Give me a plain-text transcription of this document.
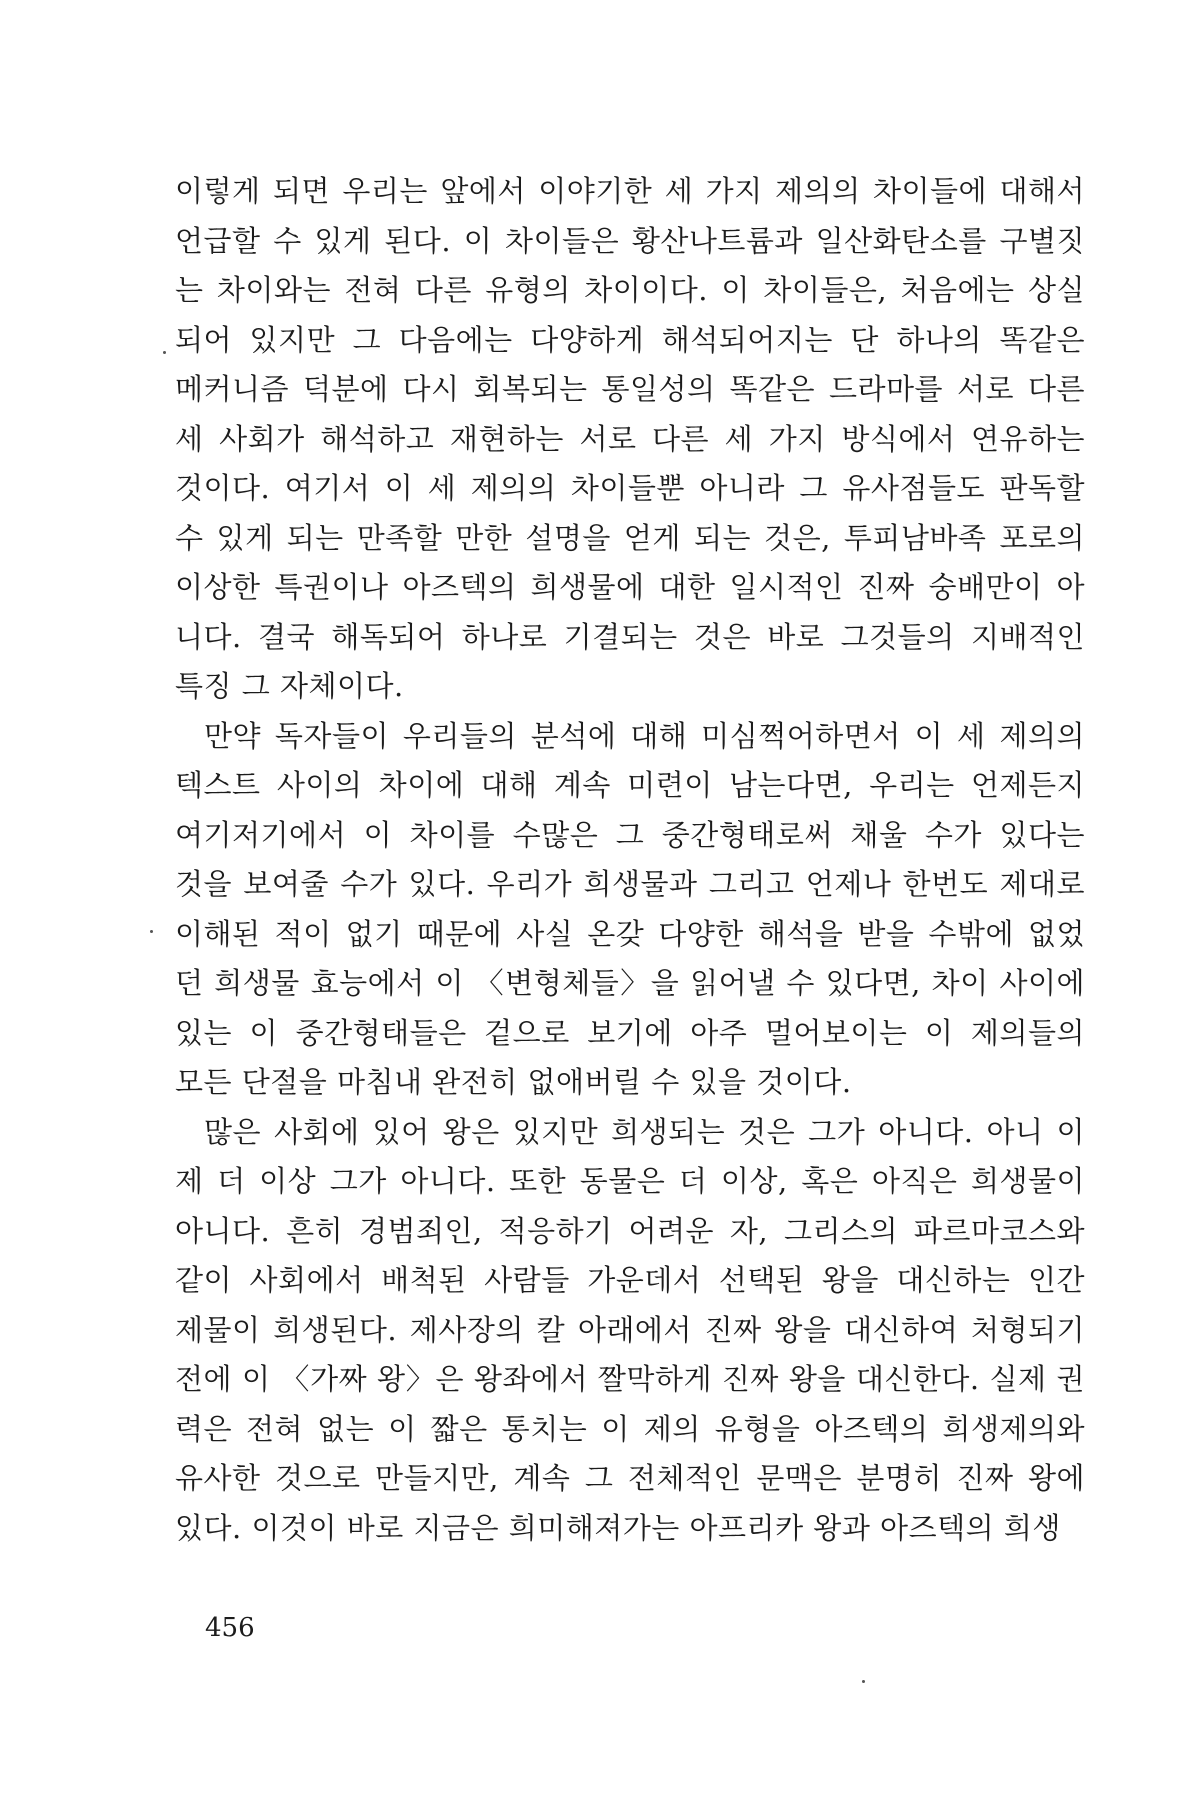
이렇게 되면 우리는 앞에서 이야기한 세 가지 제의의 차이들에 대해서
언급할 수 있게 된다. 이 차이들은 황산나트륨과 일산화탄소를 구별짓
는 차이와는 전혀 다른 유형의 차이이다. 이 차이들은, 처음에는 상실
되어 있지만 그 다음에는 다양하게 해석되어지는 단 하나의 똑같은
메커니즘 덕분에 다시 회복되는 통일성의 똑같은 드라마를 서로 다른
세 사회가 해석하고 재현하는 서로 다른 세 가지 방식에서 연유하는
것이다. 여기서 이 세 제의의 차이들뿐 아니라 그 유사점들도 판독할
수 있게 되는 만족할 만한 설명을 얻게 되는 것은, 투피남바족 포로의
이상한 특권이나 아즈텍의 희생물에 대한 일시적인 진짜 숭배만이 아
니다. 결국 해독되어 하나로 기결되는 것은 바로 그것들의 지배적인
특징 그 자체이다.

만약 독자들이 우리들의 분석에 대해 미심쩍어하면서 이 세 제의의
텍스트 사이의 차이에 대해 계속 미련이 남는다면, 우리는 언제든지
여기저기에서 이 차이를 수많은 그 중간형태로써 채울 수가 있다는
것을 보여줄 수가 있다. 우리가 희생물과 그리고 언제나 한번도 제대로
이해된 적이 없기 때문에 사실 온갖 다양한 해석을 받을 수밖에 없었
던 희생물 효능에서 이 〈변형체들〉을 읽어낼 수 있다면, 차이 사이에
있는 이 중간형태들은 겉으로 보기에 아주 멀어보이는 이 제의들의
모든 단절을 마침내 완전히 없애버릴 수 있을 것이다.

많은 사회에 있어 왕은 있지만 희생되는 것은 그가 아니다. 아니 이
제 더 이상 그가 아니다. 또한 동물은 더 이상, 혹은 아직은 희생물이
아니다. 흔히 경범죄인, 적응하기 어려운 자, 그리스의 파르마코스와
같이 사회에서 배척된 사람들 가운데서 선택된 왕을 대신하는 인간
제물이 희생된다. 제사장의 칼 아래에서 진짜 왕을 대신하여 처형되기
전에 이 〈가짜 왕〉은 왕좌에서 짤막하게 진짜 왕을 대신한다. 실제 권
력은 전혀 없는 이 짧은 통치는 이 제의 유형을 아즈텍의 희생제의와
유사한 것으로 만들지만, 계속 그 전체적인 문맥은 분명히 진짜 왕에
있다. 이것이 바로 지금은 희미해져가는 아프리카 왕과 아즈텍의 희생

456
